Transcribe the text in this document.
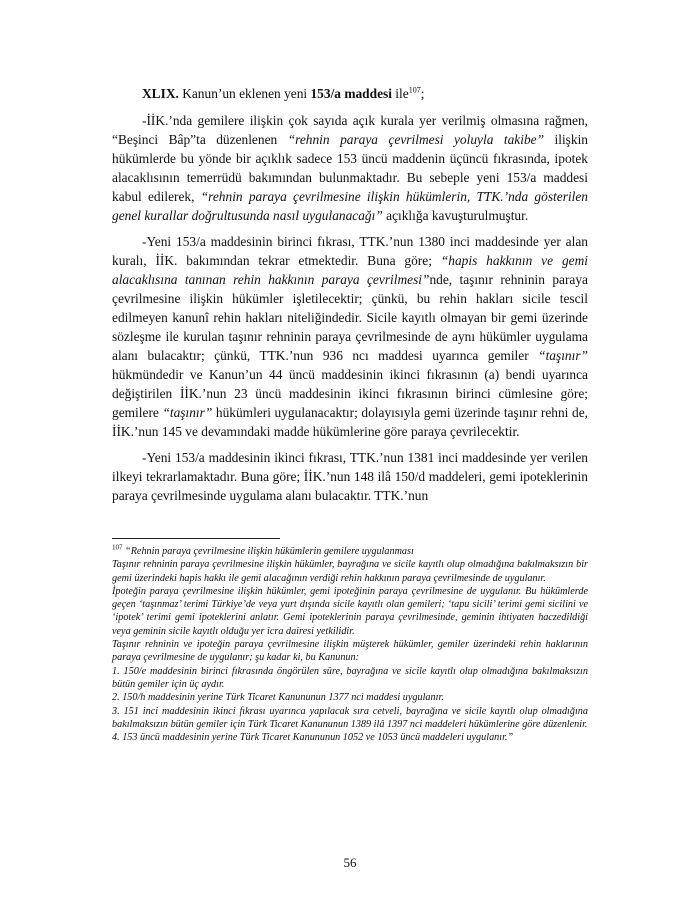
XLIX. Kanun’un eklenen yeni 153/a maddesi ile$^{107}$;

-İİK.’nda gemilere ilişkin çok sayıda açık kurala yer verilmiş olmasına rağmen, “Beşinci Bâp”ta düzenlenen “rehnin paraya çevrilmesi yoluyla takibe” ilişkin hükümlerde bu yönde bir açıklık sadece 153 üncü maddenin üçüncü fıkrasında, ipotek alacaklısının temerrüdü bakımından bulunmaktadır. Bu sebeple yeni 153/a maddesi kabul edilerek, “rehnin paraya çevrilmesine ilişkin hükümlerin, TTK.’nda gösterilen genel kurallar doğrultusunda nasıl uygulanacağı” açıklığa kavuşturulmuştur.

-Yeni 153/a maddesinin birinci fıkrası, TTK.’nun 1380 inci maddesinde yer alan kuralı, İİK. bakımından tekrar etmektedir. Buna göre; “hapis hakkının ve gemi alacaklısına tanınan rehin hakkının paraya çevrilmesi”nde, taşınır rehninin paraya çevrilmesine ilişkin hükümler işletilecektir; çünkü, bu rehin hakları sicile tescil edilmeyen kanunî rehin hakları niteliğindedir. Sicile kayıtlı olmayan bir gemi üzerinde sözleşme ile kurulan taşınır rehninin paraya çevrilmesinde de aynı hükümler uygulama alanı bulacaktır; çünkü, TTK.’nun 936 ncı maddesi uyarınca gemiler “taşınır” hükmündedir ve Kanun’un 44 üncü maddesinin ikinci fıkrasının (a) bendi uyarınca değiştirilen İİK.’nun 23 üncü maddesinin ikinci fıkrasının birinci cümlesine göre; gemilere “taşınır” hükümleri uygulanacaktır; dolayısıyla gemi üzerinde taşınır rehni de, İİK.’nun 145 ve devamındaki madde hükümlerine göre paraya çevrilecektir.

-Yeni 153/a maddesinin ikinci fıkrası, TTK.’nun 1381 inci maddesinde yer verilen ilkeyi tekrarlamaktadır. Buna göre; İİK.’nun 148 ilâ 150/d maddeleri, gemi ipoteklerinin paraya çevrilmesinde uygulama alanı bulacaktır. TTK.’nun

$^{107}$ “Rehnin paraya çevrilmesine ilişkin hükümlerin gemilere uygulanması

Taşınır rehninin paraya çevrilmesine ilişkin hükümler, bayrağına ve sicile kayıtlı olup olmadığına bakılmaksızın bir gemi üzerindeki hapis hakkı ile gemi alacağının verdiği rehin hakkının paraya çevrilmesinde de uygulanır.

İpoteğin paraya çevrilmesine ilişkin hükümler, gemi ipoteğinin paraya çevrilmesine de uygulanır. Bu hükümlerde geçen ‘taşınmaz’ terimi Türkiye’de veya yurt dışında sicile kayıtlı olan gemileri; ‘tapu sicili’ terimi gemi sicilini ve ‘ipotek’ terimi gemi ipoteklerini anlatır. Gemi ipoteklerinin paraya çevrilmesinde, geminin ihtiyaten haczedildiği veya geminin sicile kayıtlı olduğu yer icra dairesi yetkilidir.

Taşınır rehninin ve ipoteğin paraya çevrilmesine ilişkin müşterek hükümler, gemiler üzerindeki rehin haklarının paraya çevrilmesine de uygulanır; şu kadar ki, bu Kanunun:

1. 150/e maddesinin birinci fıkrasında öngörülen süre, bayrağına ve sicile kayıtlı olup olmadığına bakılmaksızın bütün gemiler için üç aydır.

2. 150/h maddesinin yerine Türk Ticaret Kanununun 1377 nci maddesi uygulanır.

3. 151 inci maddesinin ikinci fıkrası uyarınca yapılacak sıra cetveli, bayrağına ve sicile kayıtlı olup olmadığına bakılmaksızın bütün gemiler için Türk Ticaret Kanununun 1389 ilâ 1397 nci maddeleri hükümlerine göre düzenlenir.

4. 153 üncü maddesinin yerine Türk Ticaret Kanununun 1052 ve 1053 üncü maddeleri uygulanır.”

56
